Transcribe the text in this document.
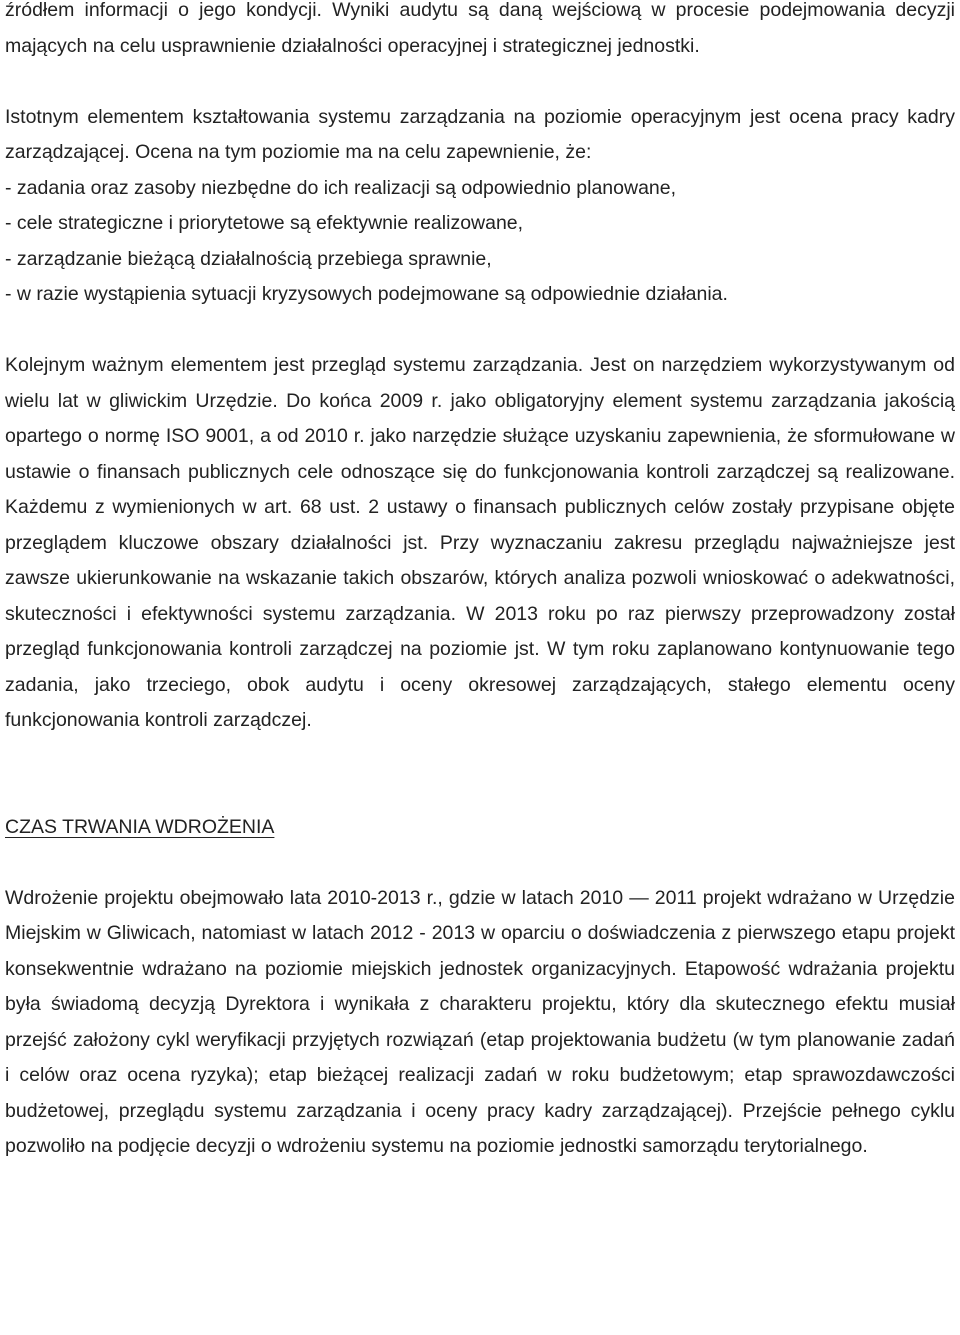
źródłem informacji o jego kondycji. Wyniki audytu są daną wejściową w procesie podejmowania decyzji mających na celu usprawnienie działalności operacyjnej i strategicznej jednostki.

Istotnym elementem kształtowania systemu zarządzania na poziomie operacyjnym jest ocena pracy kadry zarządzającej. Ocena na tym poziomie ma na celu zapewnienie, że:

- zadania oraz zasoby niezbędne do ich realizacji są odpowiednio planowane,
- cele strategiczne i priorytetowe są efektywnie realizowane,
- zarządzanie bieżącą działalnością przebiega sprawnie,
- w razie wystąpienia sytuacji kryzysowych podejmowane są odpowiednie działania.

Kolejnym ważnym elementem jest przegląd systemu zarządzania. Jest on narzędziem wykorzystywanym od wielu lat w gliwickim Urzędzie. Do końca 2009 r. jako obligatoryjny element systemu zarządzania jakością opartego o normę ISO 9001, a od 2010 r. jako narzędzie służące uzyskaniu zapewnienia, że sformułowane w ustawie o finansach publicznych cele odnoszące się do funkcjonowania kontroli zarządczej są realizowane. Każdemu z wymienionych w art. 68 ust. 2 ustawy o finansach publicznych celów zostały przypisane objęte przeglądem kluczowe obszary działalności jst. Przy wyznaczaniu zakresu przeglądu najważniejsze jest zawsze ukierunkowanie na wskazanie takich obszarów, których analiza pozwoli wnioskować o adekwatności, skuteczności i efektywności systemu zarządzania. W 2013 roku po raz pierwszy przeprowadzony został przegląd funkcjonowania kontroli zarządczej na poziomie jst. W tym roku zaplanowano kontynuowanie tego zadania, jako trzeciego, obok audytu i oceny okresowej zarządzających, stałego elementu oceny funkcjonowania kontroli zarządczej.

CZAS TRWANIA WDROŻENIA

Wdrożenie projektu obejmowało lata 2010-2013 r., gdzie w latach 2010 — 2011 projekt wdrażano w Urzędzie Miejskim w Gliwicach, natomiast w latach 2012 - 2013 w oparciu o doświadczenia z pierwszego etapu projekt konsekwentnie wdrażano na poziomie miejskich jednostek organizacyjnych. Etapowość wdrażania projektu była świadomą decyzją Dyrektora i wynikała z charakteru projektu, który dla skutecznego efektu musiał przejść założony cykl weryfikacji przyjętych rozwiązań (etap projektowania budżetu (w tym planowanie zadań i celów oraz ocena ryzyka); etap bieżącej realizacji zadań w roku budżetowym; etap sprawozdawczości budżetowej, przeglądu systemu zarządzania i oceny pracy kadry zarządzającej). Przejście pełnego cyklu pozwoliło na podjęcie decyzji o wdrożeniu systemu na poziomie jednostki samorządu terytorialnego.
